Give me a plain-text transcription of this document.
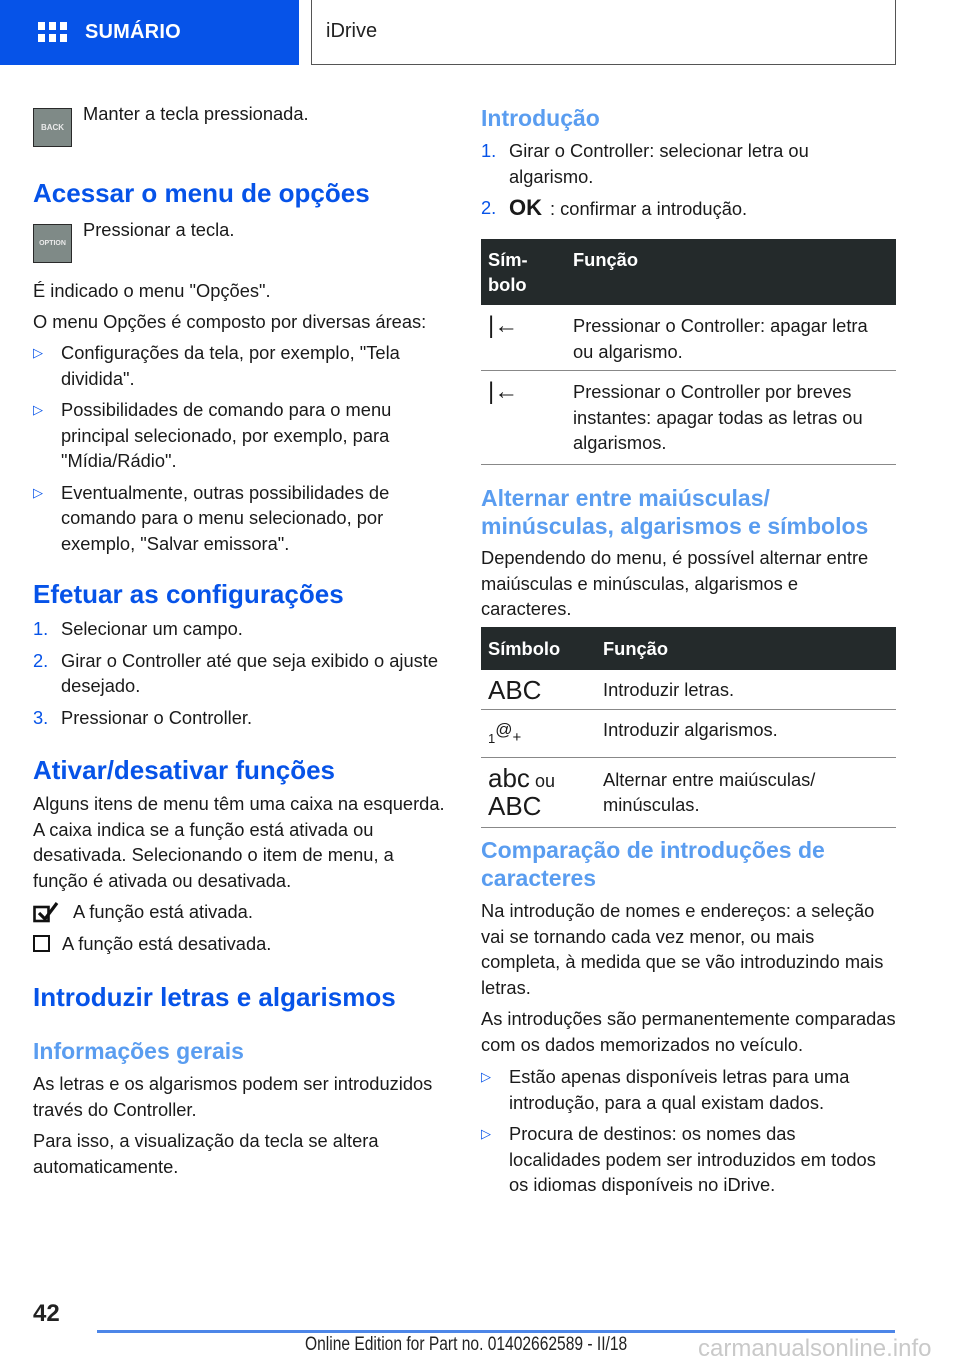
SUMÁRIO	iDrive
BACK

Manter a tecla pressionada.

Acessar o menu de opções
OPTION

Pressionar a tecla.

É indicado o menu "Opções".

O menu Opções é composto por diversas áreas:

▷ Configurações da tela, por exemplo, "Tela dividida".
▷ Possibilidades de comando para o menu principal selecionado, por exemplo, para "Mídia/Rádio".
▷ Eventualmente, outras possibilidades de comando para o menu selecionado, por exemplo, "Salvar emissora".
Efetuar as configurações
1. Selecionar um campo.
2. Girar o Controller até que seja exibido o ajuste desejado.
3. Pressionar o Controller.
Ativar/desativar funções

Alguns itens de menu têm uma caixa na esquerda. A caixa indica se a função está ativada ou desativada. Selecionando o item de menu, a função é ativada ou desativada.

A função está ativada.

A função está desativada.

Introduzir letras e algarismos
Informações gerais

As letras e os algarismos podem ser introduzidos través do Controller.

Para isso, a visualização da tecla se altera automaticamente.

Introdução
1. Girar o Controller: selecionar letra ou algarismo.
2. OK : confirmar a introdução.
Sím-
bolo	Função
|←	Pressionar o Controller: apagar letra ou algarismo.
|←	Pressionar o Controller por breves instantes: apagar todas as letras ou algarismos.
Alternar entre maiúsculas/ minúsculas, algarismos e símbolos

Dependendo do menu, é possível alternar entre maiúsculas e minúsculas, algarismos e caracteres.

Símbolo	Função
ABC	Introduzir letras.
$_1$@+	Introduzir algarismos.
abc ou
ABC	Alternar entre maiúsculas/ minúsculas.
Comparação de introduções de caracteres

Na introdução de nomes e endereços: a seleção vai se tornando cada vez menor, ou mais completa, à medida que se vão introduzindo mais letras.

As introduções são permanentemente comparadas com os dados memorizados no veículo.

▷ Estão apenas disponíveis letras para uma introdução, para a qual existam dados.
▷ Procura de destinos: os nomes das localidades podem ser introduzidos em todos os idiomas disponíveis no iDrive.
42
Online Edition for Part no. 01402662589 - II/18	carmanualsonline.info
